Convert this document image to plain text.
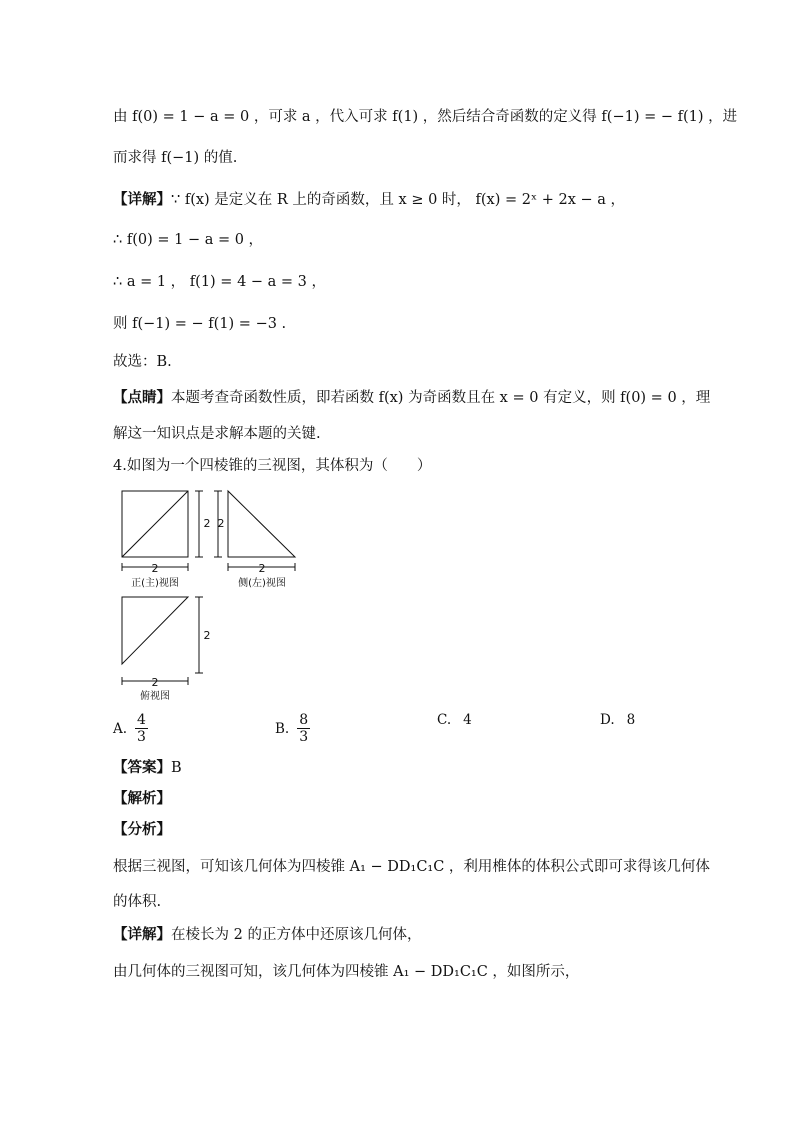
由 f(0) = 1 − a = 0 ，可求 a ，代入可求 f(1) ，然后结合奇函数的定义得 f(−1) = − f(1) ，进
而求得 f(−1) 的值.
【详解】∵ f(x) 是定义在 R 上的奇函数，且 x ≥ 0 时， f(x) = 2ˣ + 2x − a ，
∴ f(0) = 1 − a = 0 ，
∴ a = 1 ， f(1) = 4 − a = 3 ，
则 f(−1) = − f(1) = −3 .
故选：B.
【点睛】本题考查奇函数性质，即若函数 f(x) 为奇函数且在 x = 0 有定义，则 f(0) = 0 ，理
解这一知识点是求解本题的关键.
4.如图为一个四棱锥的三视图，其体积为（　　）
2
2 2
2
2
2
正(主)视图	侧(左)视图
俯视图
A. $\frac{4}{3}$	B. $\frac{8}{3}$	C. 4	D. 8
【答案】B
【解析】
【分析】
根据三视图，可知该几何体为四棱锥 A₁ − DD₁C₁C ，利用椎体的体积公式即可求得该几何体
的体积.
【详解】在棱长为 2 的正方体中还原该几何体，
由几何体的三视图可知，该几何体为四棱锥 A₁ − DD₁C₁C ，如图所示，
